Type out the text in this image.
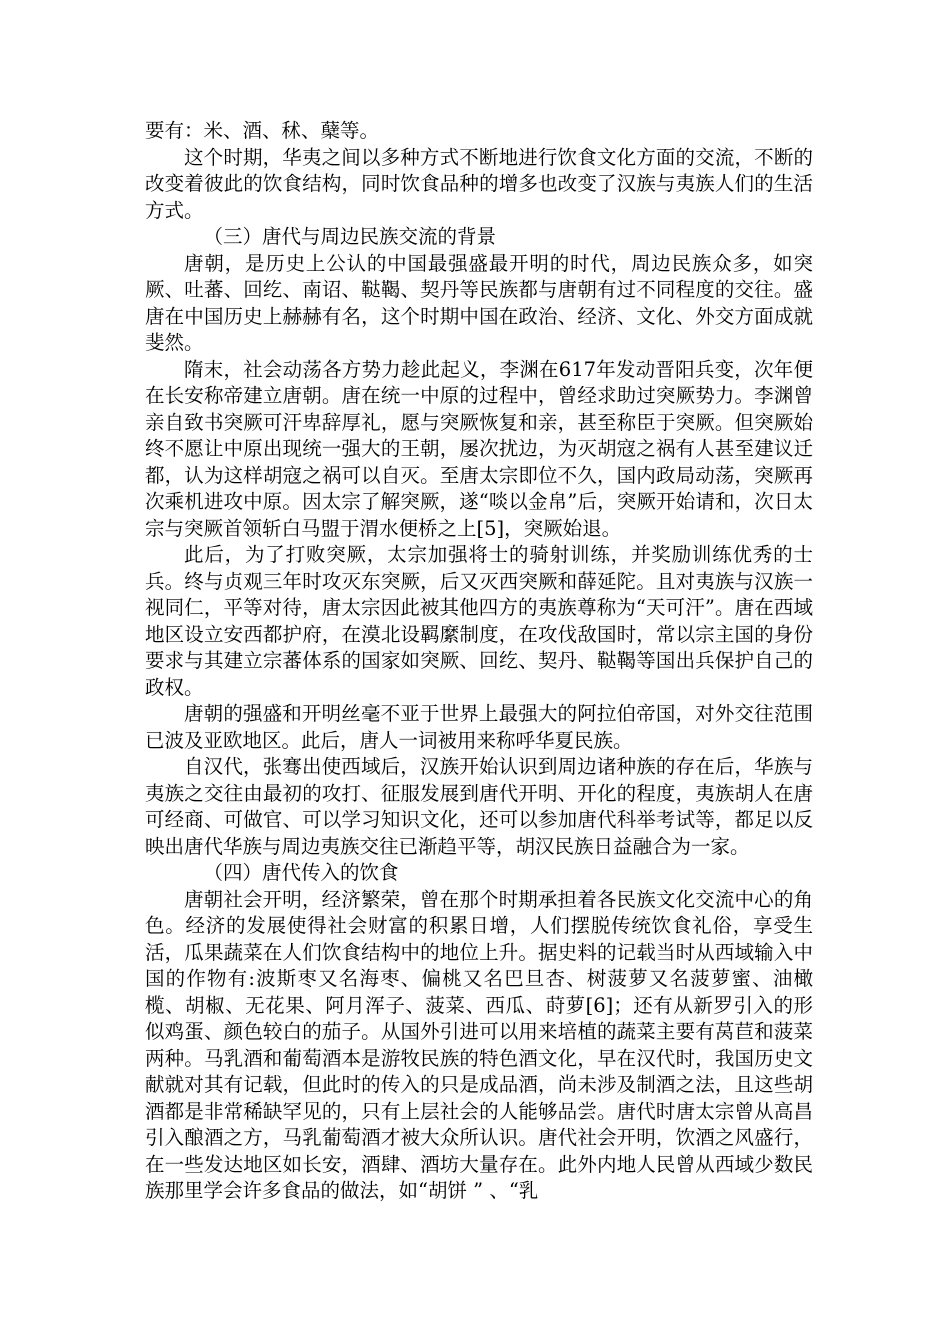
要有：米、酒、秫、蘖等。

这个时期，华夷之间以多种方式不断地进行饮食文化方面的交流，不断的改变着彼此的饮食结构，同时饮食品种的增多也改变了汉族与夷族人们的生活方式。

（三）唐代与周边民族交流的背景

唐朝，是历史上公认的中国最强盛最开明的时代，周边民族众多，如突厥、吐蕃、回纥、南诏、鞑鞨、契丹等民族都与唐朝有过不同程度的交往。盛唐在中国历史上赫赫有名，这个时期中国在政治、经济、文化、外交方面成就斐然。

隋末，社会动荡各方势力趁此起义，李渊在617年发动晋阳兵变，次年便在长安称帝建立唐朝。唐在统一中原的过程中，曾经求助过突厥势力。李渊曾亲自致书突厥可汗卑辞厚礼，愿与突厥恢复和亲，甚至称臣于突厥。但突厥始终不愿让中原出现统一强大的王朝，屡次扰边，为灭胡寇之祸有人甚至建议迁都，认为这样胡寇之祸可以自灭。至唐太宗即位不久，国内政局动荡，突厥再次乘机进攻中原。因太宗了解突厥，遂“啖以金帛”后，突厥开始请和，次日太宗与突厥首领斩白马盟于渭水便桥之上[5]，突厥始退。

此后，为了打败突厥，太宗加强将士的骑射训练，并奖励训练优秀的士兵。终与贞观三年时攻灭东突厥，后又灭西突厥和薛延陀。且对夷族与汉族一视同仁，平等对待，唐太宗因此被其他四方的夷族尊称为“天可汗”。唐在西域地区设立安西都护府，在漠北设羁縻制度，在攻伐敌国时，常以宗主国的身份要求与其建立宗蕃体系的国家如突厥、回纥、契丹、鞑鞨等国出兵保护自己的政权。

唐朝的强盛和开明丝毫不亚于世界上最强大的阿拉伯帝国，对外交往范围已波及亚欧地区。此后，唐人一词被用来称呼华夏民族。

自汉代，张骞出使西域后，汉族开始认识到周边诸种族的存在后，华族与夷族之交往由最初的攻打、征服发展到唐代开明、开化的程度，夷族胡人在唐可经商、可做官、可以学习知识文化，还可以参加唐代科举考试等，都足以反映出唐代华族与周边夷族交往已渐趋平等，胡汉民族日益融合为一家。

（四）唐代传入的饮食

唐朝社会开明，经济繁荣，曾在那个时期承担着各民族文化交流中心的角色。经济的发展使得社会财富的积累日增，人们摆脱传统饮食礼俗，享受生活，瓜果蔬菜在人们饮食结构中的地位上升。据史料的记载当时从西域输入中国的作物有:波斯枣又名海枣、偏桃又名巴旦杏、树菠萝又名菠萝蜜、油橄榄、胡椒、无花果、阿月浑子、菠菜、西瓜、莳萝[6]；还有从新罗引入的形似鸡蛋、颜色较白的茄子。从国外引进可以用来培植的蔬菜主要有莴苣和菠菜两种。马乳酒和葡萄酒本是游牧民族的特色酒文化，早在汉代时，我国历史文献就对其有记载，但此时的传入的只是成品酒，尚未涉及制酒之法，且这些胡酒都是非常稀缺罕见的，只有上层社会的人能够品尝。唐代时唐太宗曾从高昌引入酿酒之方，马乳葡萄酒才被大众所认识。唐代社会开明，饮酒之风盛行，在一些发达地区如长安，酒肆、酒坊大量存在。此外内地人民曾从西域少数民族那里学会许多食品的做法，如“胡饼 ” 、“乳
